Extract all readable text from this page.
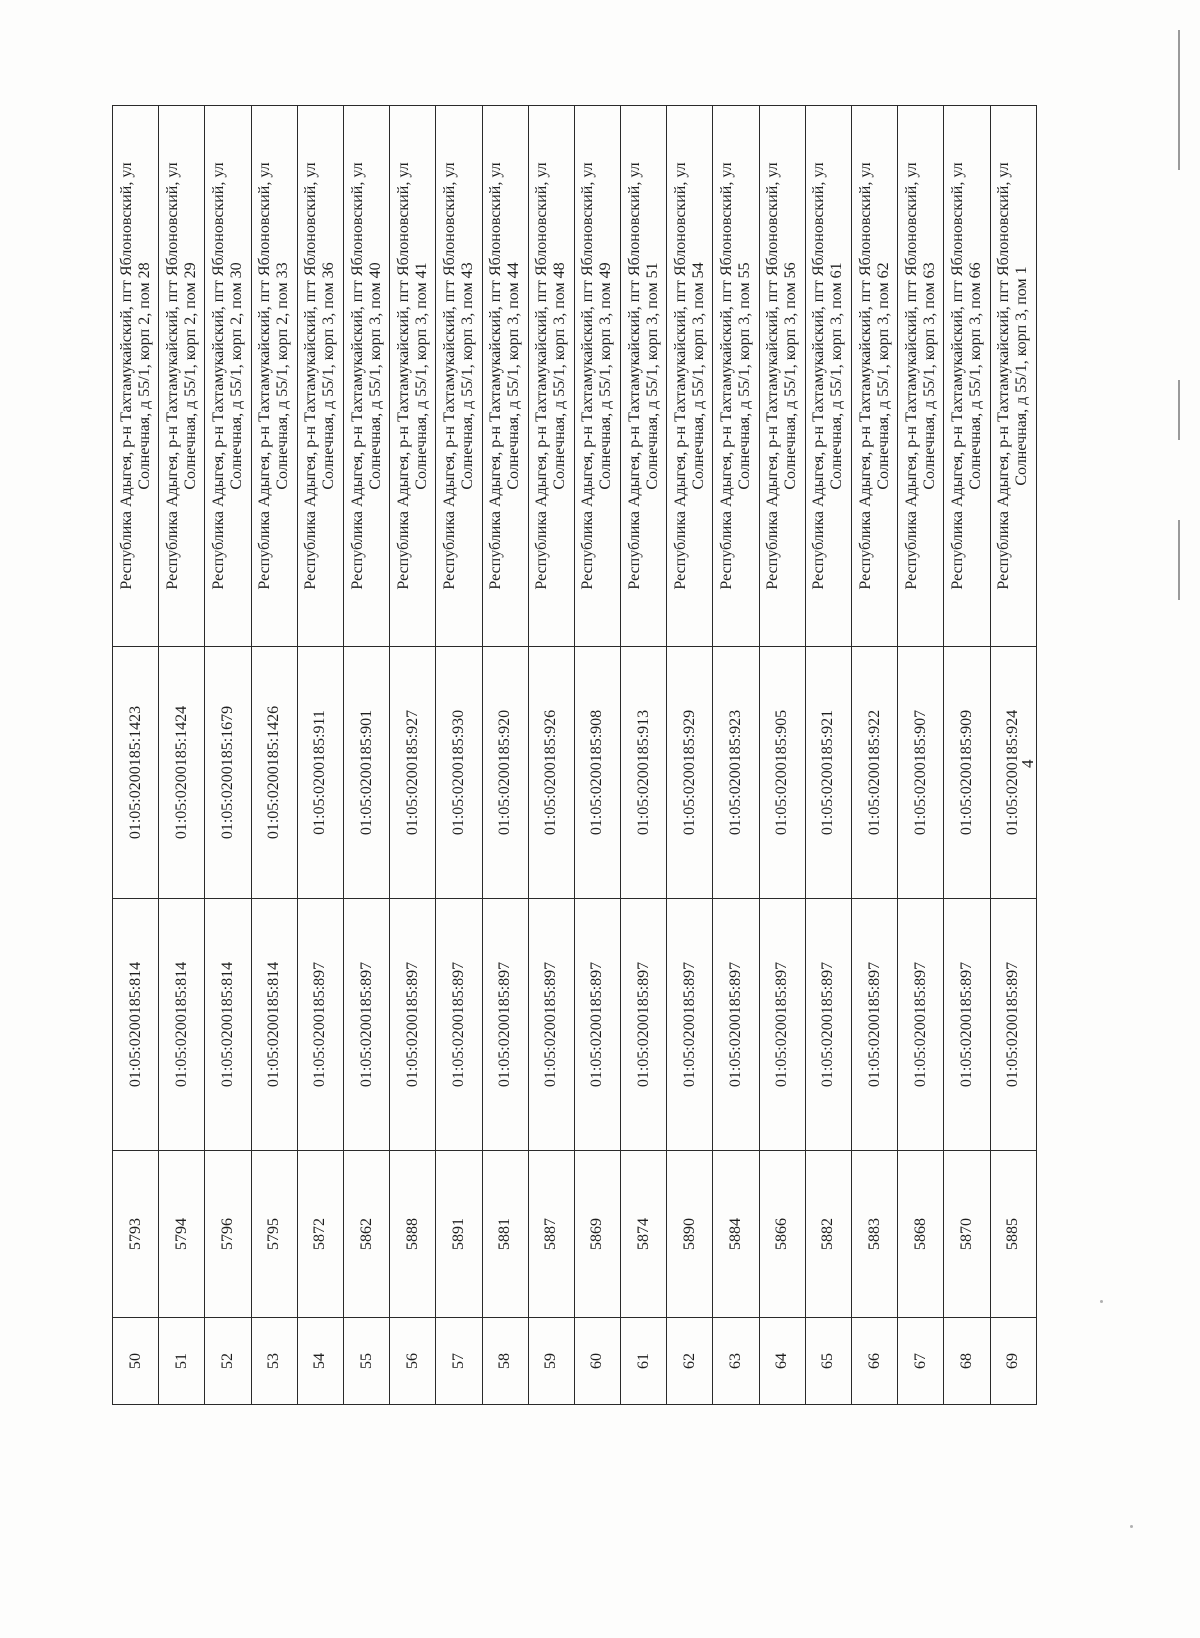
50	5793	01:05:0200185:814	01:05:0200185:1423	Республика Адыгея, р-н Тахтамукайский, пгт Яблоновский, ул Солнечная, д 55/1, корп 2, пом 28

51	5794	01:05:0200185:814	01:05:0200185:1424	Республика Адыгея, р-н Тахтамукайский, пгт Яблоновский, ул Солнечная, д 55/1, корп 2, пом 29

52	5796	01:05:0200185:814	01:05:0200185:1679	Республика Адыгея, р-н Тахтамукайский, пгт Яблоновский, ул Солнечная, д 55/1, корп 2, пом 30

53	5795	01:05:0200185:814	01:05:0200185:1426	Республика Адыгея, р-н Тахтамукайский, пгт Яблоновский, ул Солнечная, д 55/1, корп 2, пом 33

54	5872	01:05:0200185:897	01:05:0200185:911	Республика Адыгея, р-н Тахтамукайский, пгт Яблоновский, ул Солнечная, д 55/1, корп 3, пом 36

55	5862	01:05:0200185:897	01:05:0200185:901	Республика Адыгея, р-н Тахтамукайский, пгт Яблоновский, ул Солнечная, д 55/1, корп 3, пом 40

56	5888	01:05:0200185:897	01:05:0200185:927	Республика Адыгея, р-н Тахтамукайский, пгт Яблоновский, ул Солнечная, д 55/1, корп 3, пом 41

57	5891	01:05:0200185:897	01:05:0200185:930	Республика Адыгея, р-н Тахтамукайский, пгт Яблоновский, ул Солнечная, д 55/1, корп 3, пом 43

58	5881	01:05:0200185:897	01:05:0200185:920	Республика Адыгея, р-н Тахтамукайский, пгт Яблоновский, ул Солнечная, д 55/1, корп 3, пом 44

59	5887	01:05:0200185:897	01:05:0200185:926	Республика Адыгея, р-н Тахтамукайский, пгт Яблоновский, ул Солнечная, д 55/1, корп 3, пом 48

60	5869	01:05:0200185:897	01:05:0200185:908	Республика Адыгея, р-н Тахтамукайский, пгт Яблоновский, ул Солнечная, д 55/1, корп 3, пом 49

61	5874	01:05:0200185:897	01:05:0200185:913	Республика Адыгея, р-н Тахтамукайский, пгт Яблоновский, ул Солнечная, д 55/1, корп 3, пом 51

62	5890	01:05:0200185:897	01:05:0200185:929	Республика Адыгея, р-н Тахтамукайский, пгт Яблоновский, ул Солнечная, д 55/1, корп 3, пом 54

63	5884	01:05:0200185:897	01:05:0200185:923	Республика Адыгея, р-н Тахтамукайский, пгт Яблоновский, ул Солнечная, д 55/1, корп 3, пом 55

64	5866	01:05:0200185:897	01:05:0200185:905	Республика Адыгея, р-н Тахтамукайский, пгт Яблоновский, ул Солнечная, д 55/1, корп 3, пом 56

65	5882	01:05:0200185:897	01:05:0200185:921	Республика Адыгея, р-н Тахтамукайский, пгт Яблоновский, ул Солнечная, д 55/1, корп 3, пом 61

66	5883	01:05:0200185:897	01:05:0200185:922	Республика Адыгея, р-н Тахтамукайский, пгт Яблоновский, ул Солнечная, д 55/1, корп 3, пом 62

67	5868	01:05:0200185:897	01:05:0200185:907	Республика Адыгея, р-н Тахтамукайский, пгт Яблоновский, ул Солнечная, д 55/1, корп 3, пом 63

68	5870	01:05:0200185:897	01:05:0200185:909	Республика Адыгея, р-н Тахтамукайский, пгт Яблоновский, ул Солнечная, д 55/1, корп 3, пом 66

69	5885	01:05:0200185:897	01:05:0200185:924	Республика Адыгея, р-н Тахтамукайский, пгт Яблоновский, ул Солнечная, д 55/1, корп 3, пом 1
4
